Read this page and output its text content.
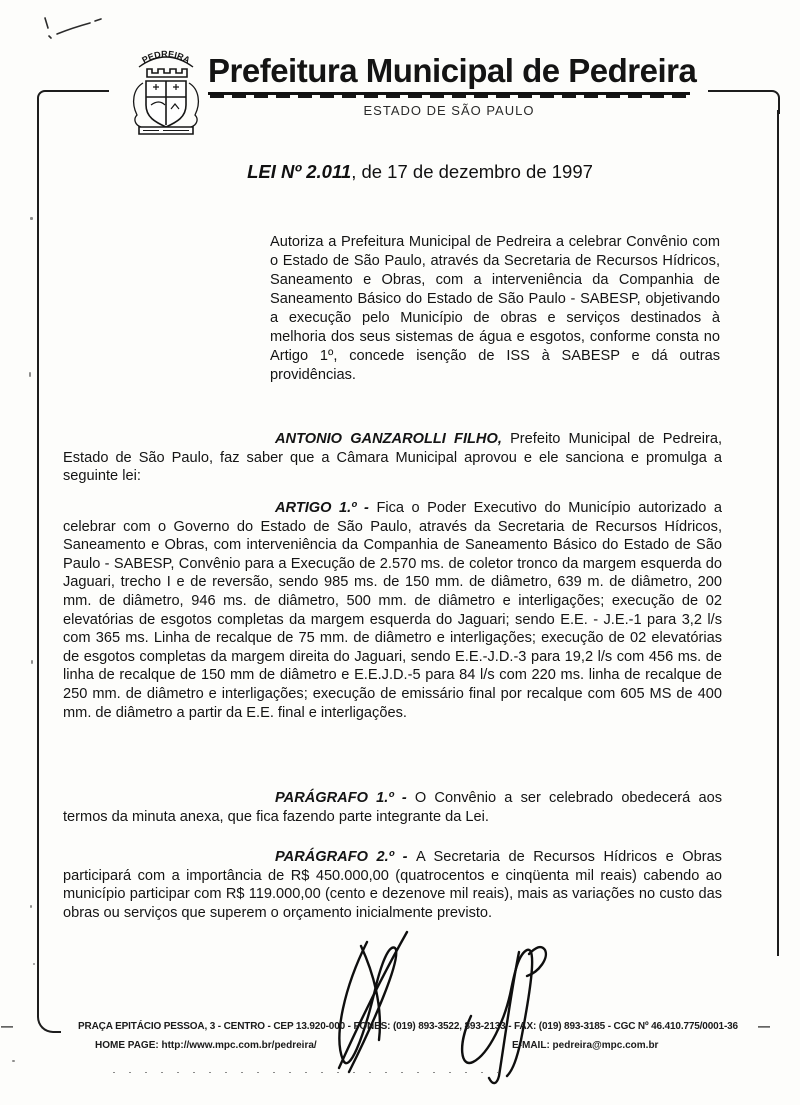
PEDREIRA Prefeitura Municipal de Pedreira
ESTADO DE SÃO PAULO
LEI Nº 2.011, de 17 de dezembro de 1997
Autoriza a Prefeitura Municipal de Pedreira a celebrar Convênio com o Estado de São Paulo, através da Secretaria de Recursos Hídricos, Saneamento e Obras, com a interveniência da Companhia de Saneamento Básico do Estado de São Paulo - SABESP, objetivando a execução pelo Município de obras e serviços destinados à melhoria dos seus sistemas de água e esgotos, conforme consta no Artigo 1º, concede isenção de ISS à SABESP e dá outras providências.
ANTONIO GANZAROLLI FILHO, Prefeito Municipal de Pedreira, Estado de São Paulo, faz saber que a Câmara Municipal aprovou e ele sanciona e promulga a seguinte lei:
ARTIGO 1.º - Fica o Poder Executivo do Município autorizado a celebrar com o Governo do Estado de São Paulo, através da Secretaria de Recursos Hídricos, Saneamento e Obras, com interveniência da Companhia de Saneamento Básico do Estado de São Paulo - SABESP, Convênio para a Execução de 2.570 ms. de coletor tronco da margem esquerda do Jaguari, trecho I e de reversão, sendo 985 ms. de 150 mm. de diâmetro, 639 m. de diâmetro, 200 mm. de diâmetro, 946 ms. de diâmetro, 500 mm. de diâmetro e interligações; execução de 02 elevatórias de esgotos completas da margem esquerda do Jaguari; sendo E.E. - J.E.-1 para 3,2 l/s com 365 ms. Linha de recalque de 75 mm. de diâmetro e interligações; execução de 02 elevatórias de esgotos completas da margem direita do Jaguari, sendo E.E.-J.D.-3 para 19,2 l/s com 456 ms. de linha de recalque de 150 mm de diâmetro e E.E.J.D.-5 para 84 l/s com 220 ms. linha de recalque de 250 mm. de diâmetro e interligações; execução de emissário final por recalque com 605 MS de 400 mm. de diâmetro a partir da E.E. final e interligações.
PARÁGRAFO 1.º - O Convênio a ser celebrado obedecerá aos termos da minuta anexa, que fica fazendo parte integrante da Lei.
PARÁGRAFO 2.º - A Secretaria de Recursos Hídricos e Obras participará com a importância de R$ 450.000,00 (quatrocentos e cinqüenta mil reais) cabendo ao município participar com R$ 119.000,00 (cento e dezenove mil reais), mais as variações no custo das obras ou serviços que superem o orçamento inicialmente previsto.
PRAÇA EPITÁCIO PESSOA, 3 - CENTRO - CEP 13.920-000 - FONES: (019) 893-3522, 893-2133 - FAX: (019) 893-3185 - CGC Nº 46.410.775/0001-36
HOME PAGE: http://www.mpc.com.br/pedreira/	E-MAIL: pedreira@mpc.com.br
—	—
